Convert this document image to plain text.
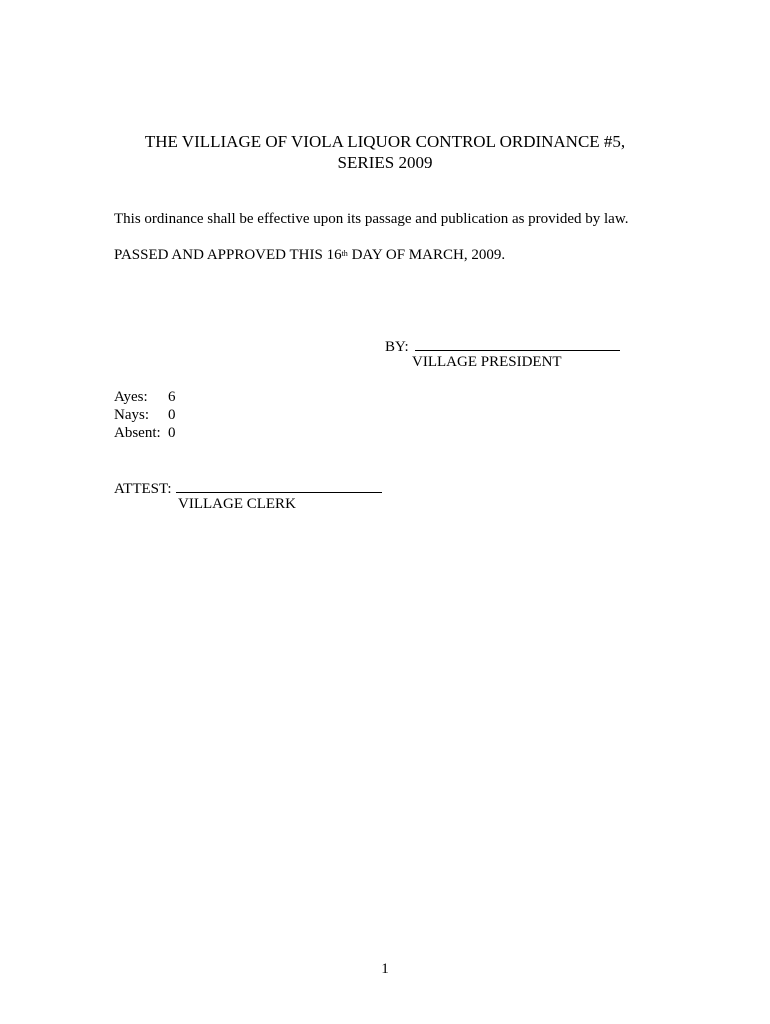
THE VILLIAGE OF VIOLA LIQUOR CONTROL ORDINANCE #5,
SERIES 2009
This ordinance shall be effective upon its passage and publication as provided by law.
PASSED AND APPROVED THIS 16th DAY OF MARCH, 2009.
BY:
VILLAGE PRESIDENT
Ayes: 6
Nays: 0
Absent: 0
ATTEST:
VILLAGE CLERK
1
